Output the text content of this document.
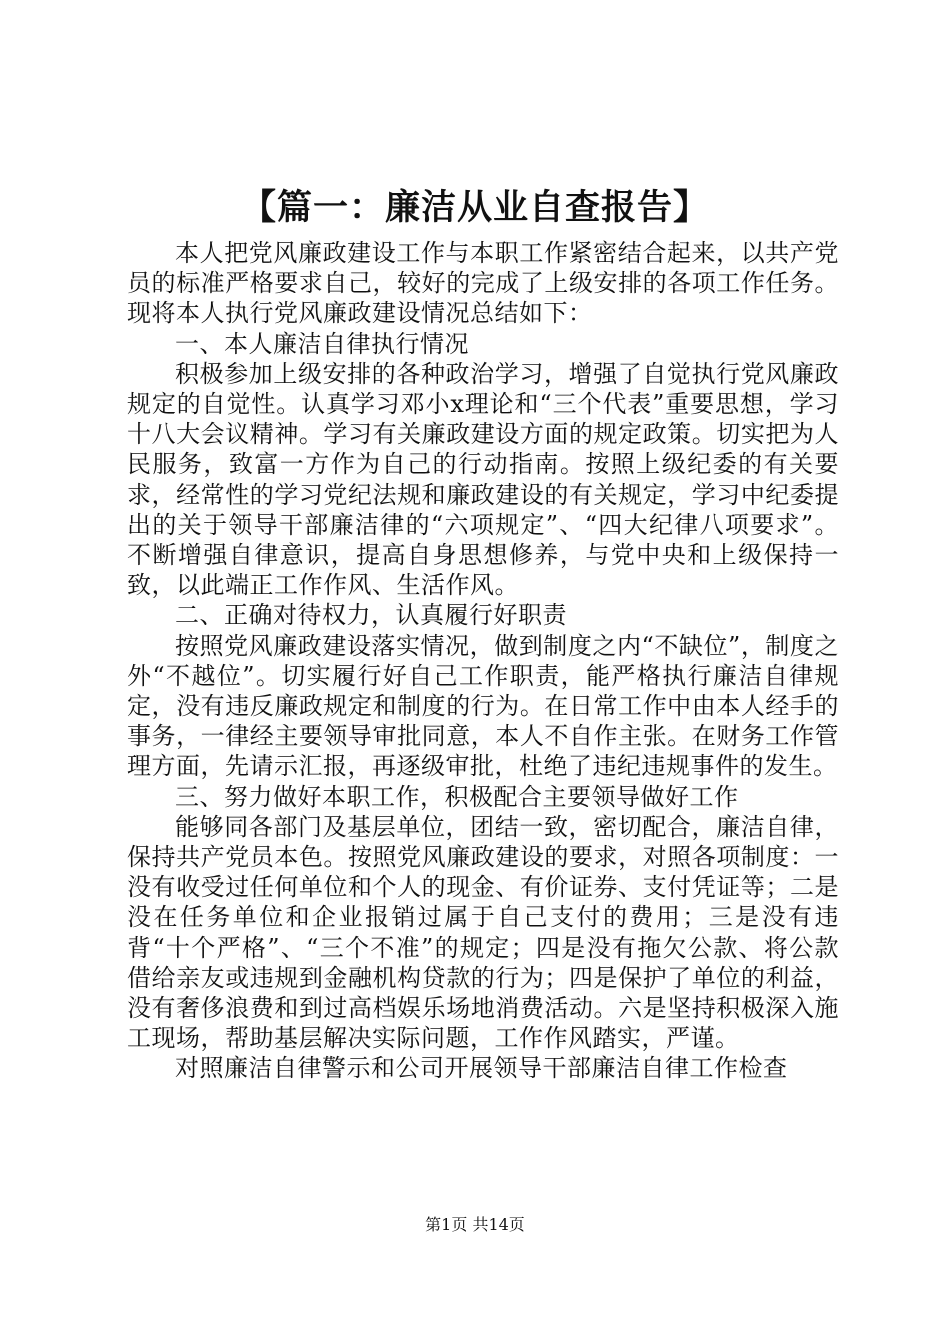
【篇一：廉洁从业自查报告】

本人把党风廉政建设工作与本职工作紧密结合起来，以共产党员的标准严格要求自己，较好的完成了上级安排的各项工作任务。现将本人执行党风廉政建设情况总结如下：

一、本人廉洁自律执行情况

积极参加上级安排的各种政治学习，增强了自觉执行党风廉政规定的自觉性。认真学习邓小x理论和“三个代表”重要思想，学习十八大会议精神。学习有关廉政建设方面的规定政策。切实把为人民服务，致富一方作为自己的行动指南。按照上级纪委的有关要求，经常性的学习党纪法规和廉政建设的有关规定，学习中纪委提出的关于领导干部廉洁律的“六项规定”、“四大纪律八项要求”。不断增强自律意识，提高自身思想修养，与党中央和上级保持一致，以此端正工作作风、生活作风。

二、正确对待权力，认真履行好职责

按照党风廉政建设落实情况，做到制度之内“不缺位”，制度之外“不越位”。切实履行好自己工作职责，能严格执行廉洁自律规定，没有违反廉政规定和制度的行为。在日常工作中由本人经手的事务，一律经主要领导审批同意，本人不自作主张。在财务工作管理方面，先请示汇报，再逐级审批，杜绝了违纪违规事件的发生。

三、努力做好本职工作，积极配合主要领导做好工作

能够同各部门及基层单位，团结一致，密切配合，廉洁自律，保持共产党员本色。按照党风廉政建设的要求，对照各项制度：一没有收受过任何单位和个人的现金、有价证券、支付凭证等；二是没在任务单位和企业报销过属于自己支付的费用；三是没有违背“十个严格”、“三个不准”的规定；四是没有拖欠公款、将公款借给亲友或违规到金融机构贷款的行为；四是保护了单位的利益，没有奢侈浪费和到过高档娱乐场地消费活动。六是坚持积极深入施工现场，帮助基层解决实际问题，工作作风踏实，严谨。

对照廉洁自律警示和公司开展领导干部廉洁自律工作检查

第1页 共14页
